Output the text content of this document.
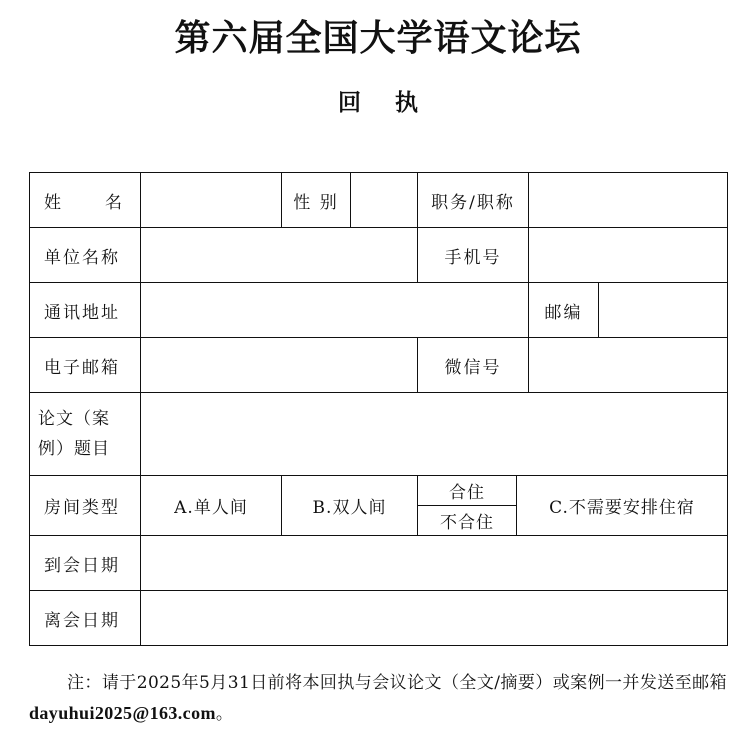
第六届全国大学语文论坛
回 执
姓 名		性 别		职务/职称			
单位名称				手机号			
通讯地址						邮编	
电子邮箱				微信号			

论文（案
例）题目							

房间类型	A.单人间	B.双人间		合住	C.不需要安排住宿		
				不合住			
到会日期							
离会日期							
注：请于2025年5月31日前将本回执与会议论文（全文/摘要）或案例一并发送至邮箱 dayuhui2025@163.com。
